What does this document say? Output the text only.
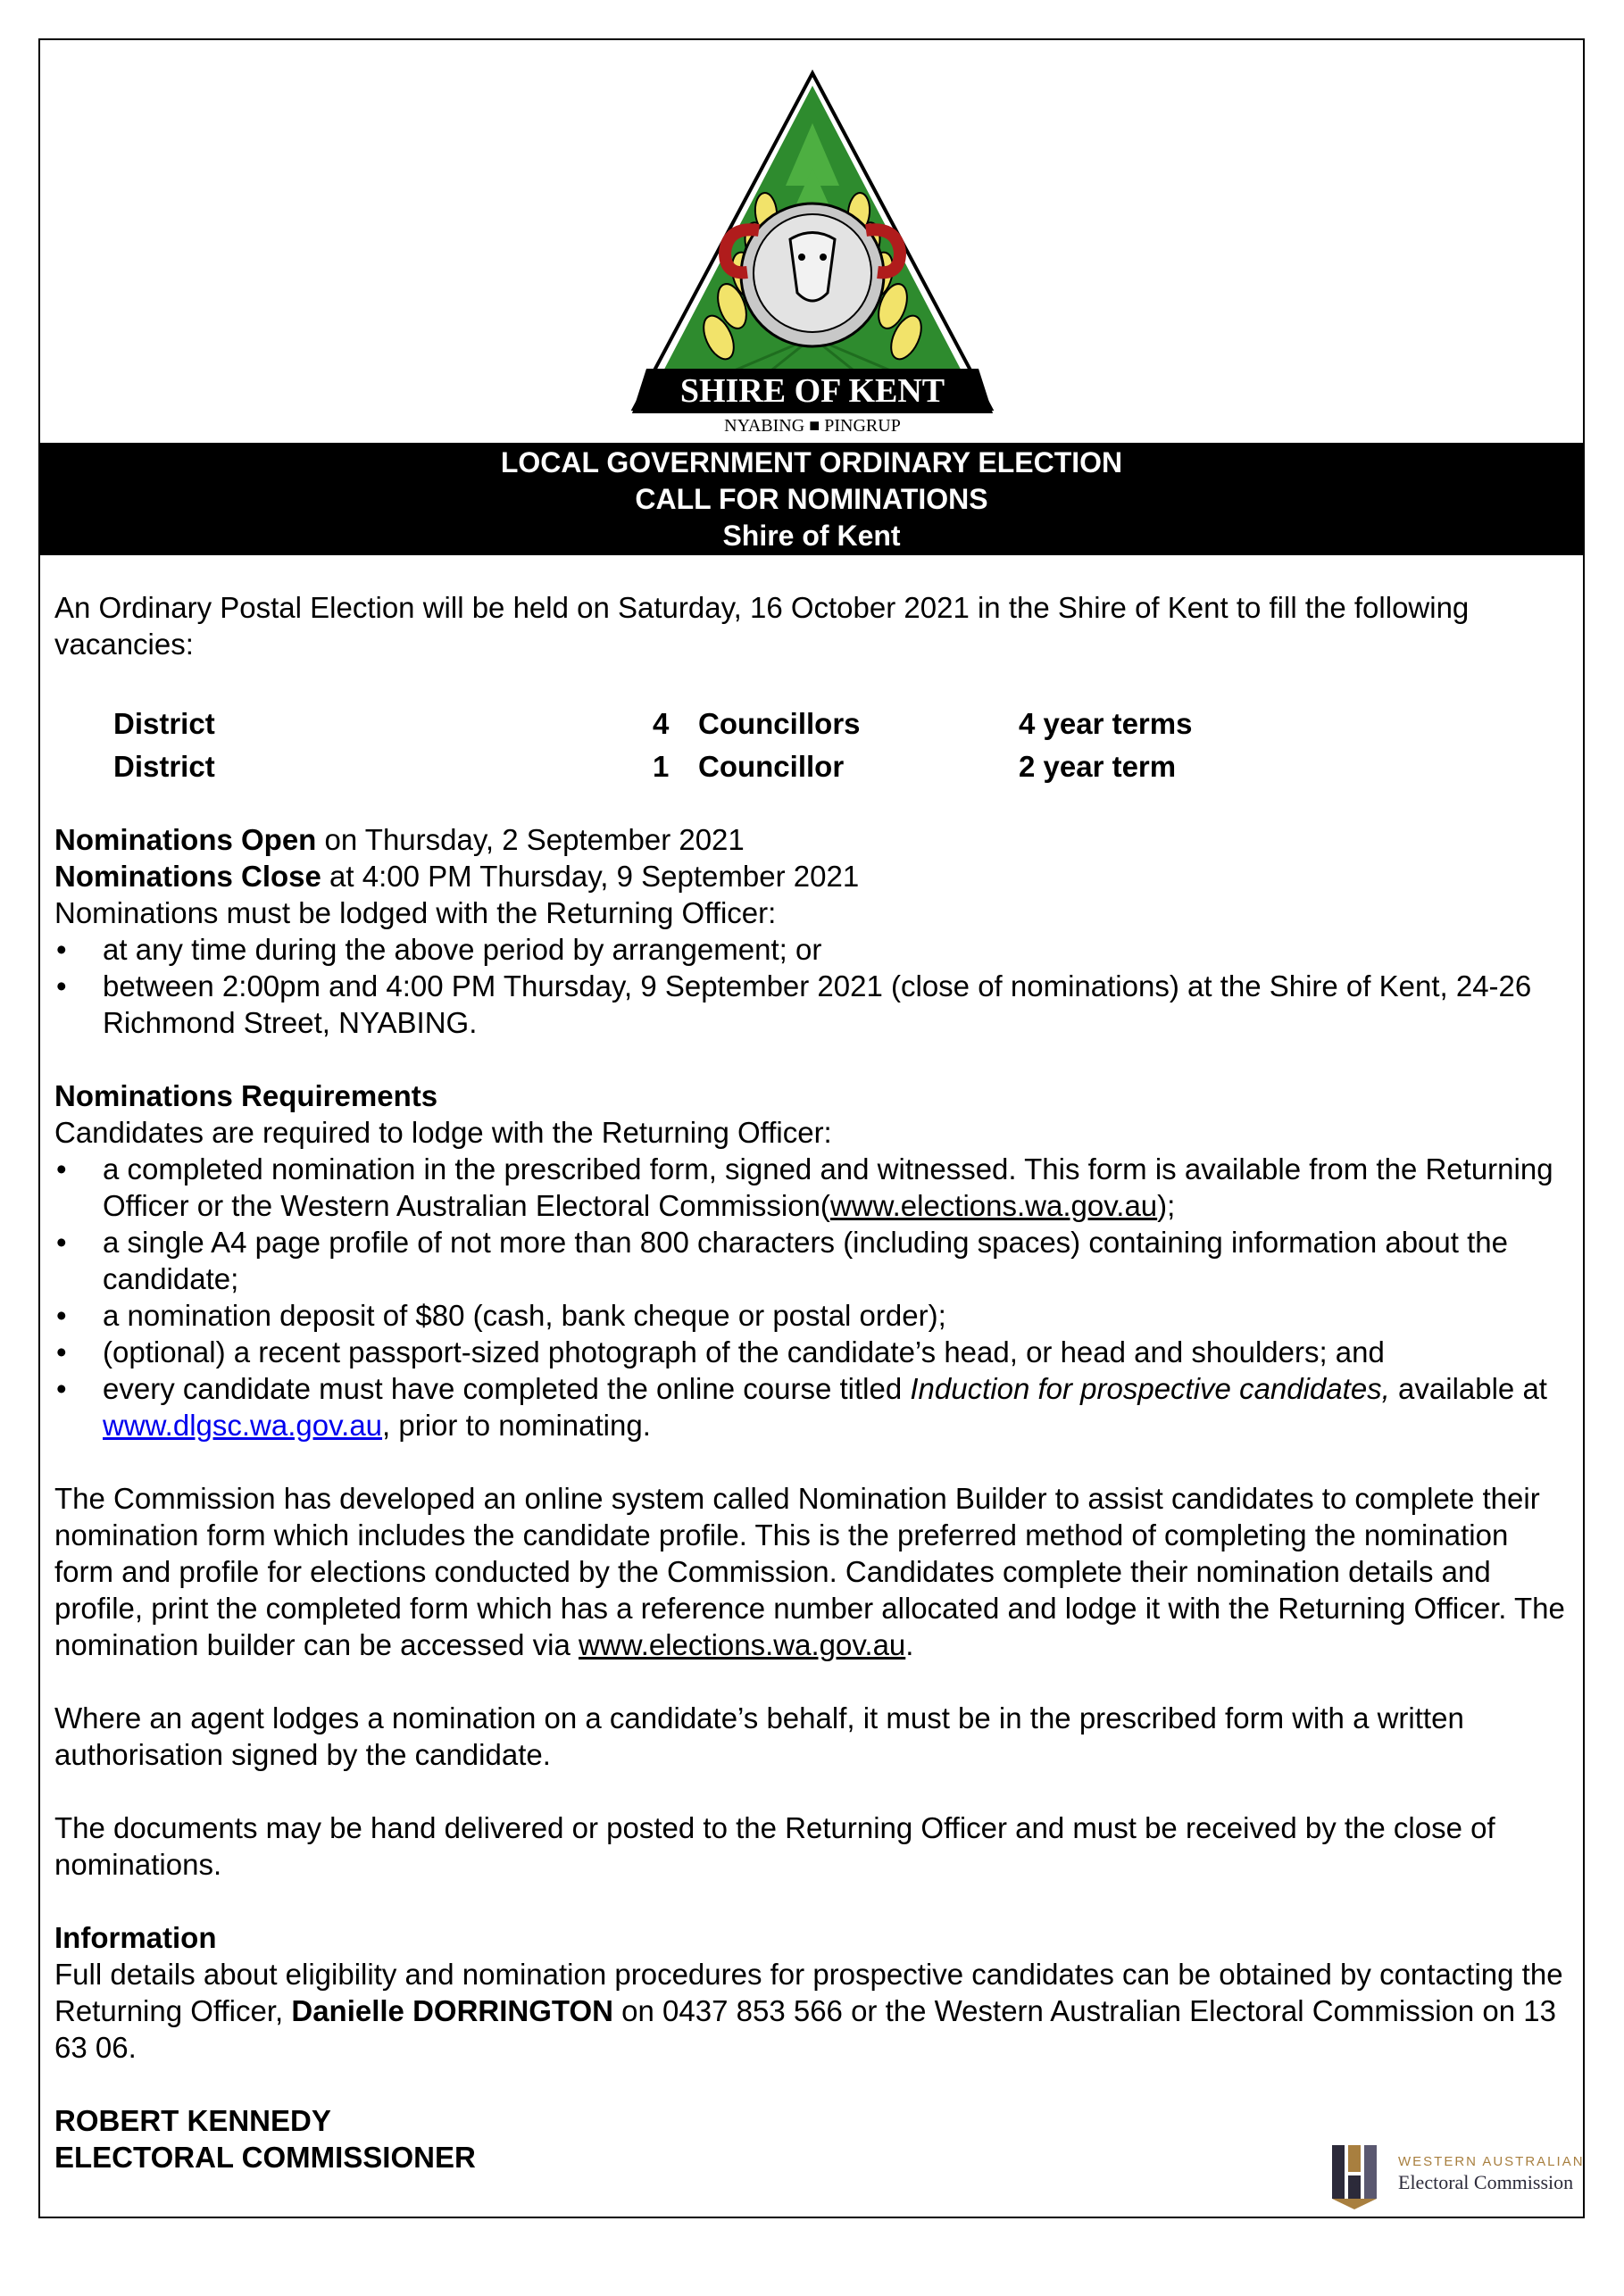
SHIRE OF KENT
NYABING ■ PINGRUP
LOCAL GOVERNMENT ORDINARY ELECTION
CALL FOR NOMINATIONS
Shire of Kent

An Ordinary Postal Election will be held on Saturday, 16 October 2021 in the Shire of Kent to fill the following vacancies:

District	4 Councillors	4 year terms
District	1 Councillor	2 year term

Nominations Open on Thursday, 2 September 2021

Nominations Close at 4:00 PM Thursday, 9 September 2021

Nominations must be lodged with the Returning Officer:

• at any time during the above period by arrangement; or
• between 2:00pm and 4:00 PM Thursday, 9 September 2021 (close of nominations) at the Shire of Kent, 24-26 Richmond Street, NYABING.

Nominations Requirements

Candidates are required to lodge with the Returning Officer:

• a completed nomination in the prescribed form, signed and witnessed. This form is available from the Returning Officer or the Western Australian Electoral Commission(www.elections.wa.gov.au);
• a single A4 page profile of not more than 800 characters (including spaces) containing information about the candidate;
• a nomination deposit of $80 (cash, bank cheque or postal order);
• (optional) a recent passport-sized photograph of the candidate’s head, or head and shoulders; and
• every candidate must have completed the online course titled Induction for prospective candidates, available at www.dlgsc.wa.gov.au, prior to nominating.

The Commission has developed an online system called Nomination Builder to assist candidates to complete their nomination form which includes the candidate profile. This is the preferred method of completing the nomination form and profile for elections conducted by the Commission. Candidates complete their nomination details and profile, print the completed form which has a reference number allocated and lodge it with the Returning Officer. The nomination builder can be accessed via www.elections.wa.gov.au.

Where an agent lodges a nomination on a candidate’s behalf, it must be in the prescribed form with a written authorisation signed by the candidate.

The documents may be hand delivered or posted to the Returning Officer and must be received by the close of nominations.

Information

Full details about eligibility and nomination procedures for prospective candidates can be obtained by contacting the Returning Officer, Danielle DORRINGTON on 0437 853 566 or the Western Australian Electoral Commission on 13 63 06.

ROBERT KENNEDY

ELECTORAL COMMISSIONER	WESTERN AUSTRALIAN
Electoral Commission
